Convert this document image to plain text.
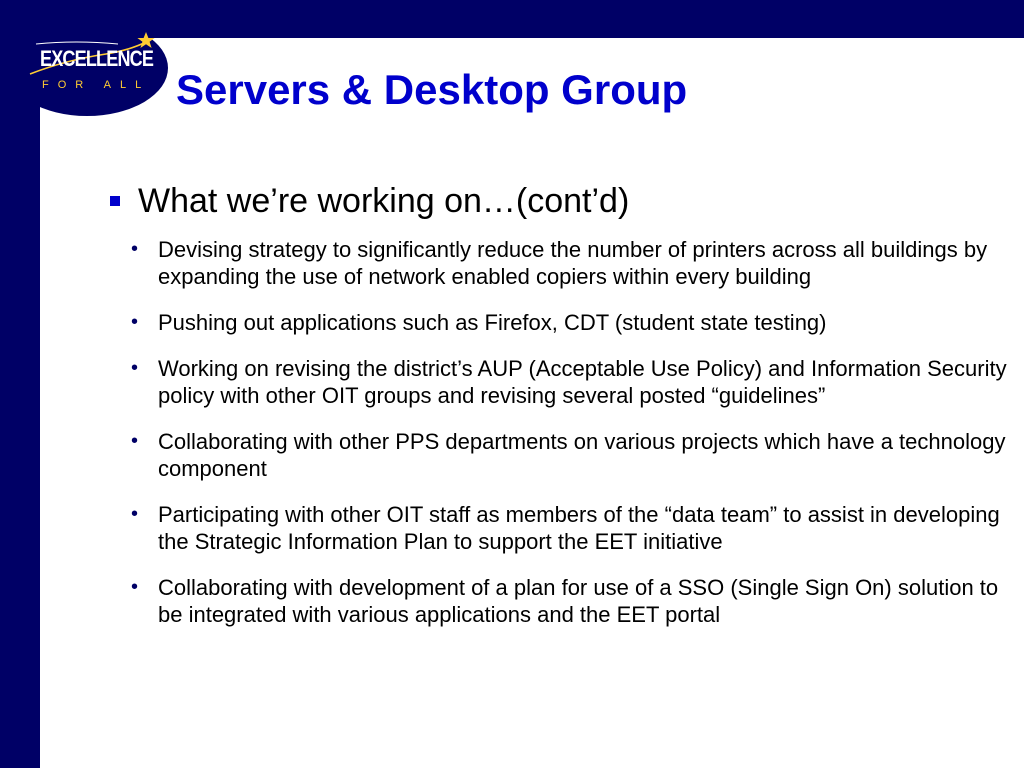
EXCELLENCE
FOR ALL Servers & Desktop Group
What we’re working on…(cont’d)
• Devising strategy to significantly reduce the number of printers across all buildings by expanding the use of network enabled copiers within every building
• Pushing out applications such as Firefox, CDT (student state testing)
• Working on revising the district’s AUP (Acceptable Use Policy) and Information Security policy with other OIT groups and revising several posted “guidelines”
• Collaborating with other PPS departments on various projects which have a technology component
• Participating with other OIT staff as members of the “data team” to assist in developing the Strategic Information Plan to support the EET initiative
• Collaborating with development of a plan for use of a SSO (Single Sign On) solution to be integrated with various applications and the EET portal
